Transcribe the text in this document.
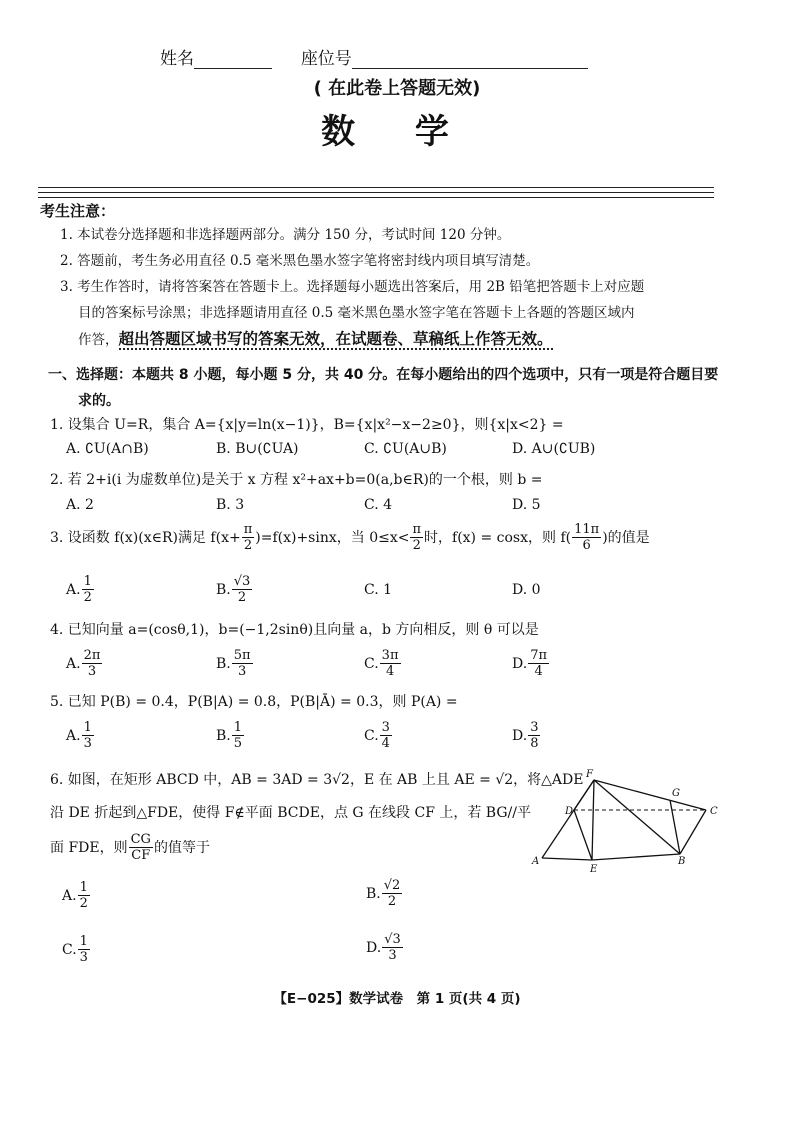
姓名	座位号
( 在此卷上答题无效)
数 学
考生注意：
1. 本试卷分选择题和非选择题两部分。满分 150 分，考试时间 120 分钟。
2. 答题前，考生务必用直径 0.5 毫米黑色墨水签字笔将密封线内项目填写清楚。
3. 考生作答时，请将答案答在答题卡上。选择题每小题选出答案后，用 2B 铅笔把答题卡上对应题
目的答案标号涂黑；非选择题请用直径 0.5 毫米黑色墨水签字笔在答题卡上各题的答题区域内
作答，超出答题区域书写的答案无效，在试题卷、草稿纸上作答无效。
一、选择题：本题共 8 小题，每小题 5 分，共 40 分。在每小题给出的四个选项中，只有一项是符合题目要
求的。
1. 设集合 U=R，集合 A={x|y=ln(x−1)}，B={x|x²−x−2≥0}，则{x|x<2} =
A. ∁U(A∩B)	B. B∪(∁UA)	C. ∁U(A∪B)	D. A∪(∁UB)
2. 若 2+i(i 为虚数单位)是关于 x 方程 x²+ax+b=0(a,b∈R)的一个根，则 b =
A. 2	B. 3	C. 4	D. 5
3. 设函数 f(x)(x∈R)满足 $f(x+ \frac{\pi}{2} )=f(x)+\sin x$，当 $0\le x< \frac{\pi}{2}$ 时，f(x) = cosx，则 $f( \frac{11\pi}{6}$ )的值是
A. $\frac{1}{2}$	B. $\frac{√3}{2}$	C. 1	D. 0
4. 已知向量 a=(cosθ,1)，b=(−1,2sinθ)且向量 a，b 方向相反，则 θ 可以是
A. $\frac{2\pi}{3}$	B. $\frac{5\pi}{3}$	C. $\frac{3\pi}{4}$	D. $\frac{7\pi}{4}$
5. 已知 P(B) = 0.4，P(B|A) = 0.8，P(B|Ā) = 0.3，则 P(A) =
A. $\frac{1}{3}$	B. $\frac{1}{5}$	C. $\frac{3}{4}$	D. $\frac{3}{8}$
6. 如图，在矩形 ABCD 中，AB = 3AD = 3√2，E 在 AB 上且 AE = √2，将△ADE
沿 DE 折起到△FDE，使得 F∉平面 BCDE，点 G 在线段 CF 上，若 BG//平
面 FDE，则 $\frac{CG}{CF}$ 的值等于
F
G
D	C
A
E
B
A. $\frac{1}{2}$	B. $\frac{√2}{2}$
C. $\frac{1}{3}$	D. $\frac{√3}{3}$
【E−025】数学试卷　第 1 页(共 4 页)
